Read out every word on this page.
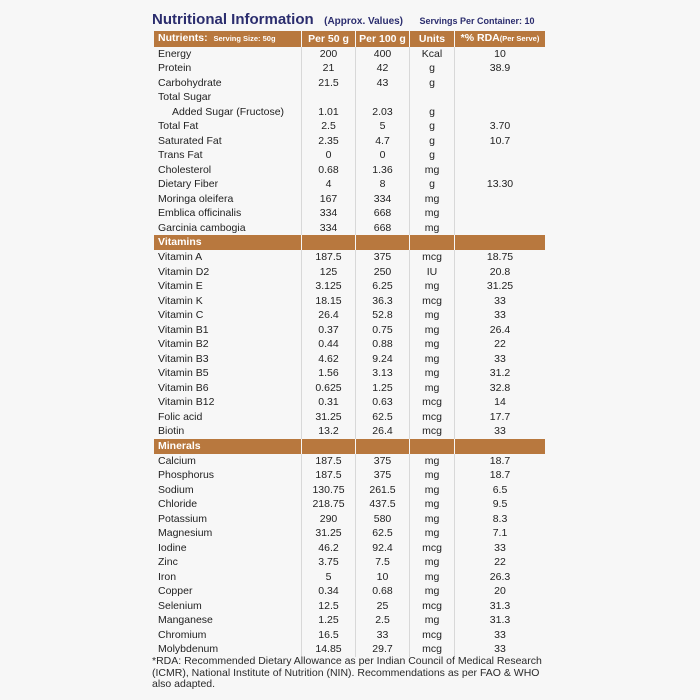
Nutritional Information (Approx. Values) Servings Per Container: 10
Nutrients: Serving Size: 50g	Per 50 g	Per 100 g	Units	*% RDA(Per Serve)
Energy	200	400	Kcal	10
Protein	21	42	g	38.9
Carbohydrate	21.5	43	g	
Total Sugar				
Added Sugar (Fructose)	1.01	2.03	g	
Total Fat	2.5	5	g	3.70
Saturated Fat	2.35	4.7	g	10.7
Trans Fat	0	0	g	
Cholesterol	0.68	1.36	mg	
Dietary Fiber	4	8	g	13.30
Moringa oleifera	167	334	mg	
Emblica officinalis	334	668	mg	
Garcinia cambogia	334	668	mg	
Vitamins				
Vitamin A	187.5	375	mcg	18.75
Vitamin D2	125	250	IU	20.8
Vitamin E	3.125	6.25	mg	31.25
Vitamin K	18.15	36.3	mcg	33
Vitamin C	26.4	52.8	mg	33
Vitamin B1	0.37	0.75	mg	26.4
Vitamin B2	0.44	0.88	mg	22
Vitamin B3	4.62	9.24	mg	33
Vitamin B5	1.56	3.13	mg	31.2
Vitamin B6	0.625	1.25	mg	32.8
Vitamin B12	0.31	0.63	mcg	14
Folic acid	31.25	62.5	mcg	17.7
Biotin	13.2	26.4	mcg	33
Minerals				
Calcium	187.5	375	mg	18.7
Phosphorus	187.5	375	mg	18.7
Sodium	130.75	261.5	mg	6.5
Chloride	218.75	437.5	mg	9.5
Potassium	290	580	mg	8.3
Magnesium	31.25	62.5	mg	7.1
Iodine	46.2	92.4	mcg	33
Zinc	3.75	7.5	mg	22
Iron	5	10	mg	26.3
Copper	0.34	0.68	mg	20
Selenium	12.5	25	mcg	31.3
Manganese	1.25	2.5	mg	31.3
Chromium	16.5	33	mcg	33
Molybdenum	14.85	29.7	mcg	33
*RDA: Recommended Dietary Allowance as per Indian Council of Medical Research (ICMR), National Institute of Nutrition (NIN). Recommendations as per FAO & WHO also adapted.
